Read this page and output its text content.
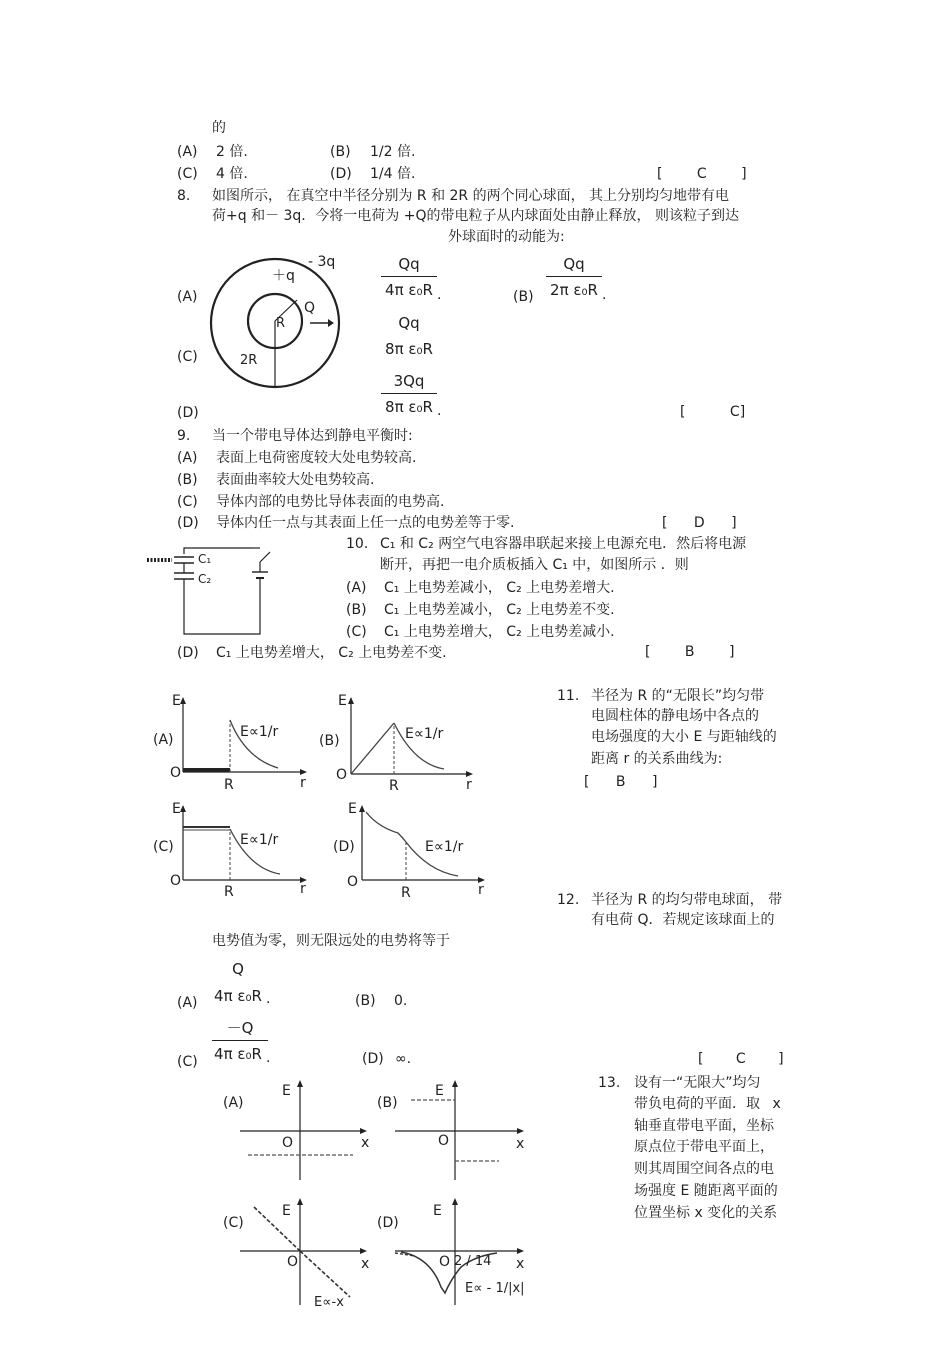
的
(A) 2 倍.	(B) 1/2 倍.
(C) 4 倍.	(D) 1/4 倍.	[ C ]
8. 如图所示， 在真空中半径分别为 R 和 2R 的两个同心球面， 其上分别均匀地带有电
荷+q 和－ 3q．今将一电荷为 +Q的带电粒子从内球面处由静止释放， 则该粒子到达
外球面时的动能为:
- 3q
＋q
Q
R
2R
(A)
Qq
4π ε₀R .	(B)
Qq
2π ε₀R .
(C)
Qq
8π ε₀R
(D)
3Qq
8π ε₀R .	[ C]
9. 当一个带电导体达到静电平衡时:
(A) 表面上电荷密度较大处电势较高.
(B) 表面曲率较大处电势较高.
(C) 导体内部的电势比导体表面的电势高.
(D) 导体内任一点与其表面上任一点的电势差等于零.	[ D ]
C₁
C₂
10. C₁ 和 C₂ 两空气电容器串联起来接上电源充电．然后将电源
断开，再把一电介质板插入 C₁ 中，如图所示 ．则
(A) C₁ 上电势差减小， C₂ 上电势差增大.
(B) C₁ 上电势差减小， C₂ 上电势差不变.
(C) C₁ 上电势差增大， C₂ 上电势差减小.
(D) C₁ 上电势差增大， C₂ 上电势差不变.	[ B ]
(A)
E
O
R	r
E∝1/r
(B)
E
O
R	r
E∝1/r
(C)
E
O
R	r
E∝1/r	(D)
E
O
R	r
E∝1/r
11. 半径为 R 的“无限长”均匀带
电圆柱体的静电场中各点的
电场强度的大小 E 与距轴线的
距离 r 的关系曲线为:
[ B ]
12. 半径为 R 的均匀带电球面， 带
有电荷 Q．若规定该球面上的
电势值为零，则无限远处的电势将等于
(A)
Q
4π ε₀R .	(B) 0.
(C)
－Q
4π ε₀R .	(D) ∞.	[ C ]
(A)
E
O	x
(B)
E
O	x
(C)
E
O	x
E∝-x
(D)
E
O	x
E∝ - 1/|x|
2 / 14
13. 设有一“无限大”均匀
带负电荷的平面．取 x
轴垂直带电平面，坐标
原点位于带电平面上，
则其周围空间各点的电
场强度 E 随距离平面的
位置坐标 x 变化的关系
